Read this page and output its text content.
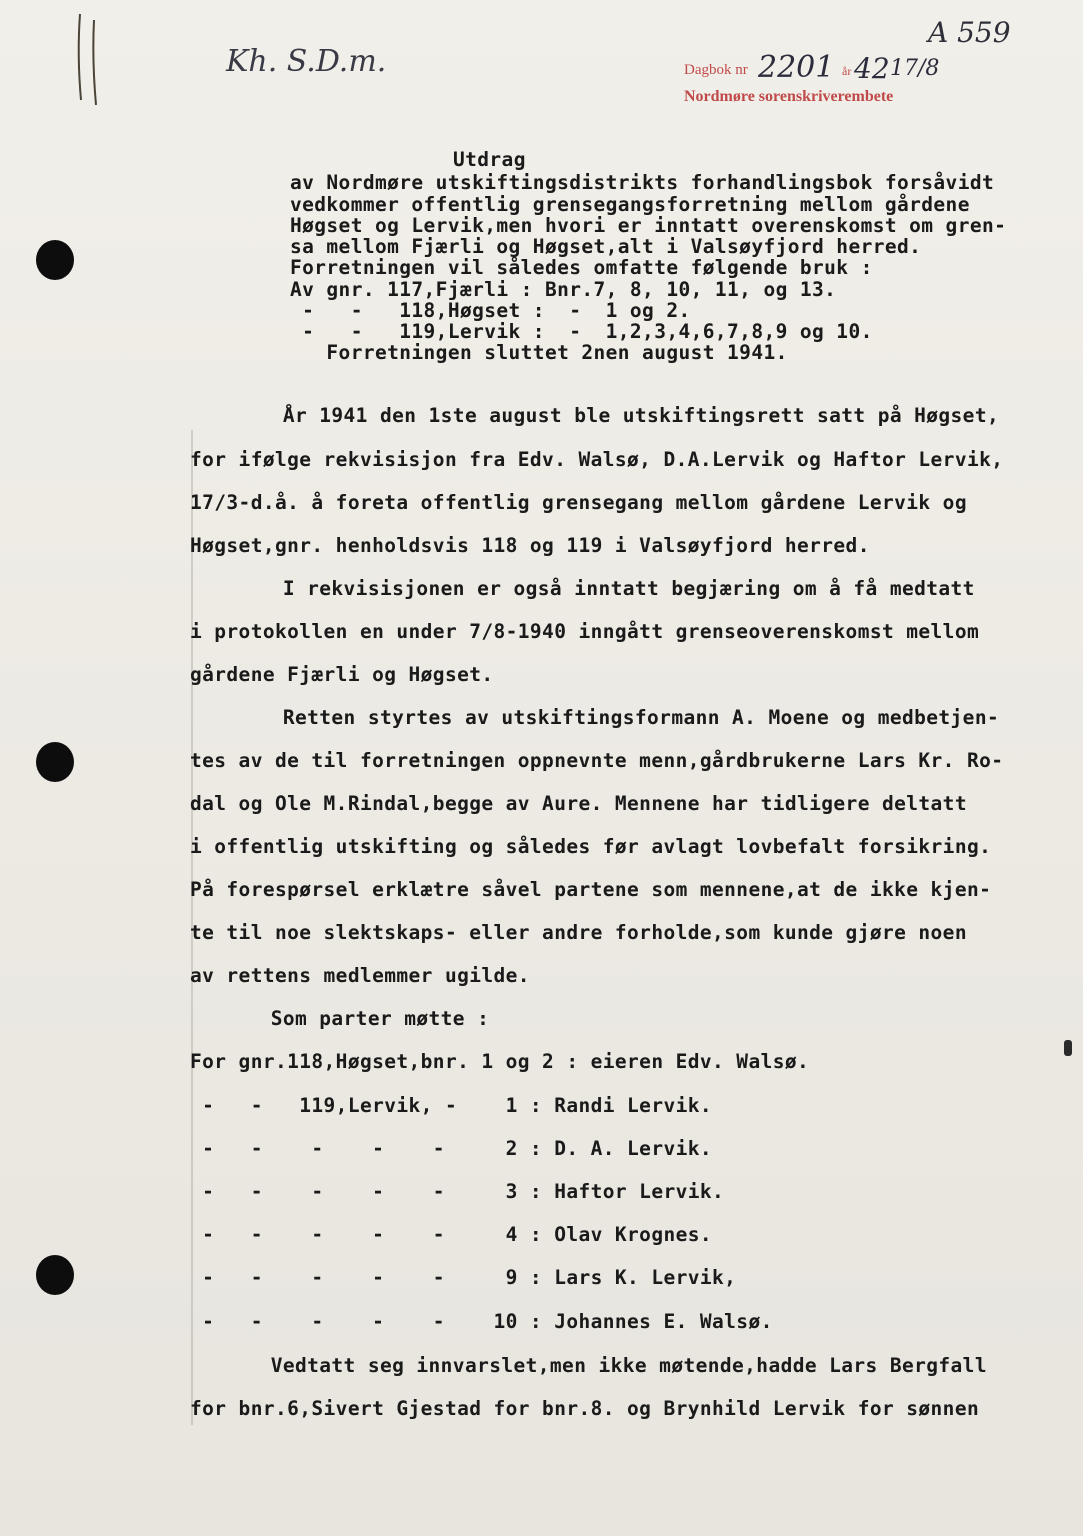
Kh. S.D.m.
A 559
Dagbok nr 2201 år 42 17/8
Nordmøre sorenskriverembete
Utdrag
av Nordmøre utskiftingsdistrikts forhandlingsbok forsåvidt
vedkommer offentlig grensegangsforretning mellom gårdene
Høgset og Lervik,men hvori er inntatt overenskomst om gren-
sa mellom Fjærli og Høgset,alt i Valsøyfjord herred.
Forretningen vil således omfatte følgende bruk :
Av gnr. 117,Fjærli : Bnr.7, 8, 10, 11, og 13.
-   -   118,Høgset :  -  1 og 2.
-   -   119,Lervik :  -  1,2,3,4,6,7,8,9 og 10.
Forretningen sluttet 2nen august 1941.
År 1941 den 1ste august ble utskiftingsrett satt på Høgset,
for ifølge rekvisisjon fra Edv. Walsø, D.A.Lervik og Haftor Lervik,
17/3-d.å. å foreta offentlig grensegang mellom gårdene Lervik og
Høgset,gnr. henholdsvis 118 og 119 i Valsøyfjord herred.
I rekvisisjonen er også inntatt begjæring om å få medtatt
i protokollen en under 7/8-1940 inngått grenseoverenskomst mellom
gårdene Fjærli og Høgset.
Retten styrtes av utskiftingsformann A. Moene og medbetjen-
tes av de til forretningen oppnevnte menn,gårdbrukerne Lars Kr. Ro-
dal og Ole M.Rindal,begge av Aure. Mennene har tidligere deltatt
i offentlig utskifting og således før avlagt lovbefalt forsikring.
På forespørsel erklætre såvel partene som mennene,at de ikke kjen-
te til noe slektskaps- eller andre forholde,som kunde gjøre noen
av rettens medlemmer ugilde.
Som parter møtte :
For gnr.118,Høgset,bnr. 1 og 2 : eieren Edv. Walsø.
-   -   119,Lervik, -    1 : Randi Lervik.
-   -    -    -    -     2 : D. A. Lervik.
-   -    -    -    -     3 : Haftor Lervik.
-   -    -    -    -     4 : Olav Krognes.
-   -    -    -    -     9 : Lars K. Lervik,
-   -    -    -    -    10 : Johannes E. Walsø.
Vedtatt seg innvarslet,men ikke møtende,hadde Lars Bergfall
for bnr.6,Sivert Gjestad for bnr.8. og Brynhild Lervik for sønnen
